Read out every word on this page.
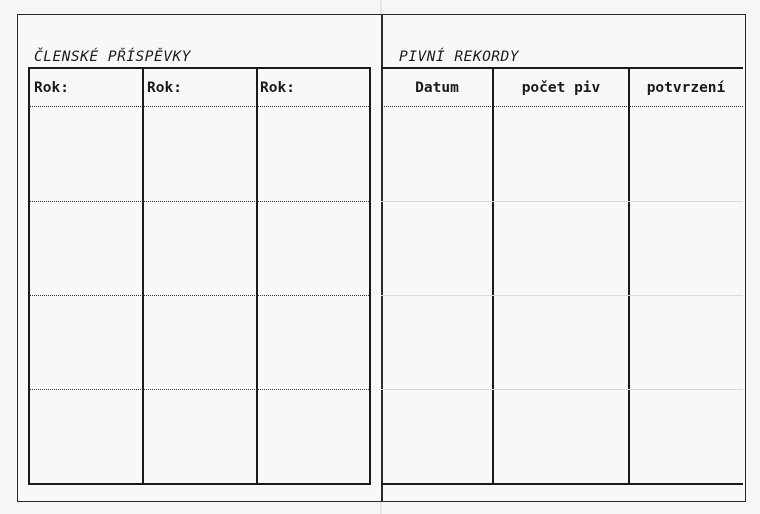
ČLENSKÉ PŘÍSPĚVKY
Rok:	Rok:	Rok:
PIVNÍ REKORDY
Datum	počet piv	potvrzení
